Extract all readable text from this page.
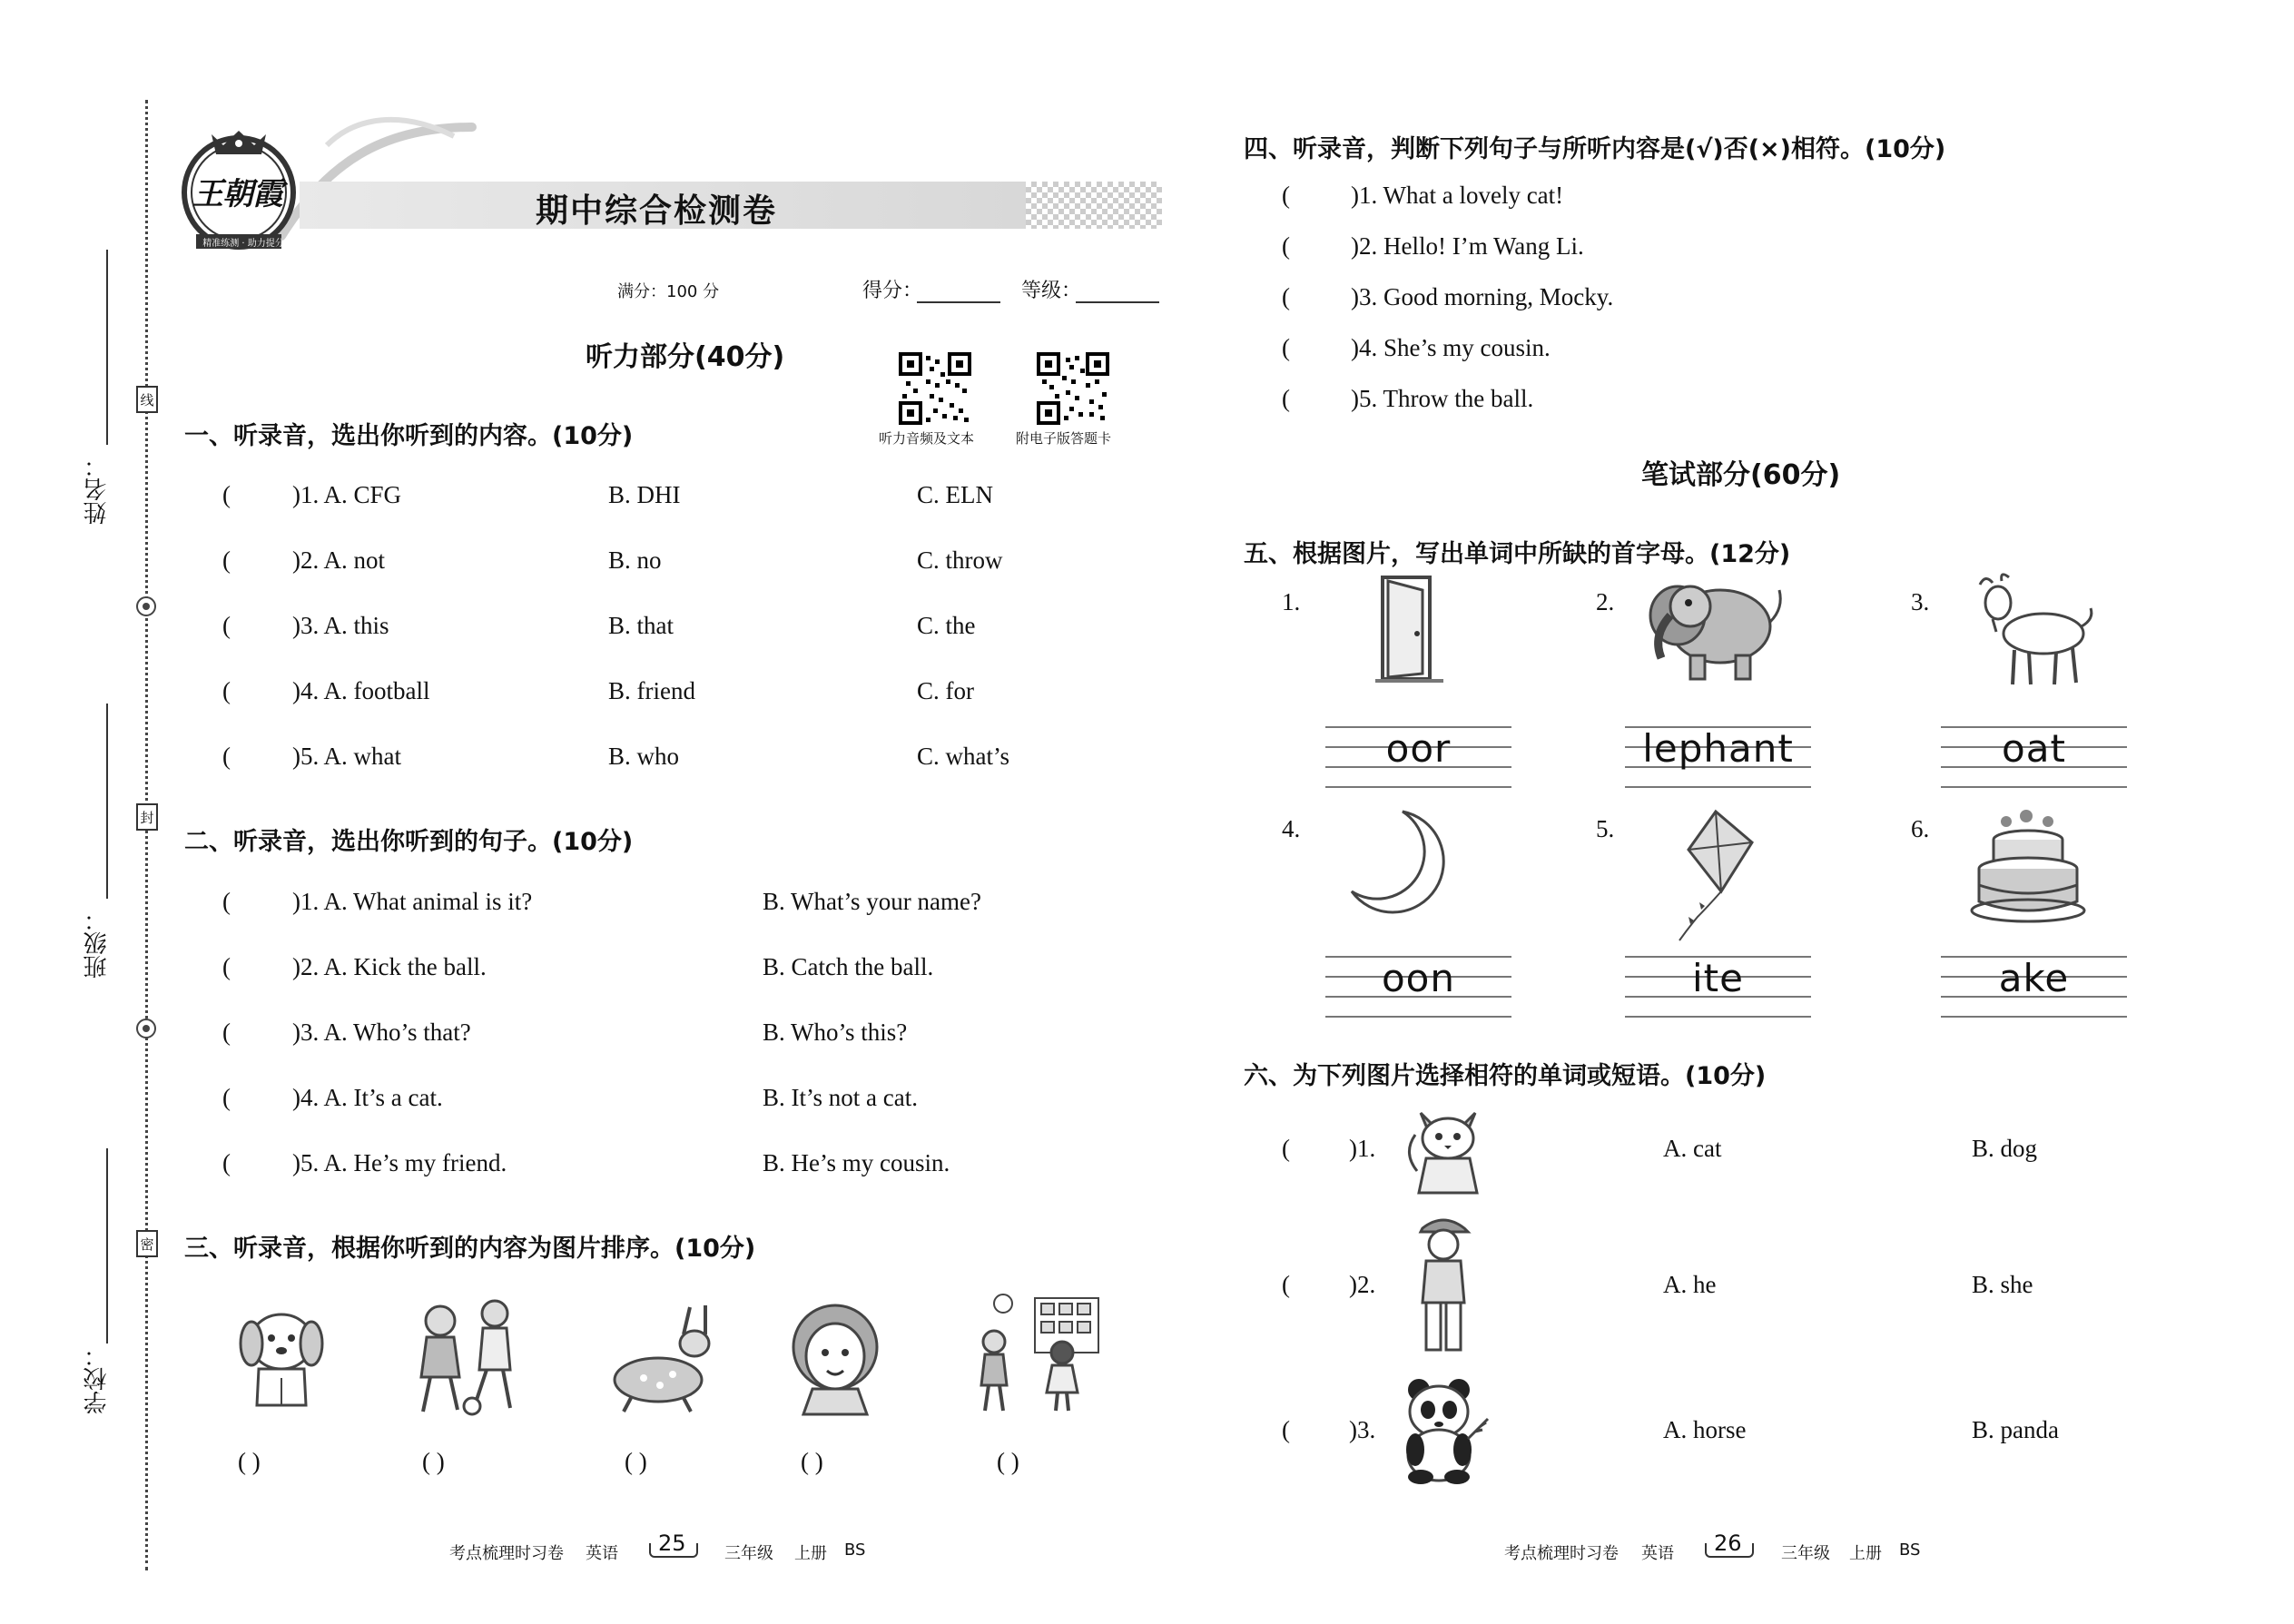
姓名：
班级：
学校：
线
封
密
期中综合检测卷
王朝霞
精准练测 · 助力提分
满分：100 分	得分：	等级：
听力音频及文本	附电子版答题卡
听力部分(40分)
一、听录音，选出你听到的内容。(10分)
(	)1. A. CFG	B. DHI	C. ELN
(	)2. A. not	B. no	C. throw
(	)3. A. this	B. that	C. the
(	)4. A. football	B. friend	C. for
(	)5. A. what	B. who	C. what’s
二、听录音，选出你听到的句子。(10分)
(	)1. A. What animal is it?	B. What’s your name?
(	)2. A. Kick the ball.	B. Catch the ball.
(	)3. A. Who’s that?	B. Who’s this?
(	)4. A. It’s a cat.	B. It’s not a cat.
(	)5. A. He’s my friend.	B. He’s my cousin.
三、听录音，根据你听到的内容为图片排序。(10分)
( )	( )	( )	( )	( )
考点梳理时习卷 英语 25 三年级 上册 BS
四、听录音，判断下列句子与所听内容是(√)否(×)相符。(10分)
( )1. What a lovely cat!
( )2. Hello! I’m Wang Li.
( )3. Good morning, Mocky.
( )4. She’s my cousin.
( )5. Throw the ball.
笔试部分(60分)
五、根据图片，写出单词中所缺的首字母。(12分)
1.	2.	3.
4.	5.	6.
oor	lephant	oat
oon	ite	ake
六、为下列图片选择相符的单词或短语。(10分)
( )1.	A. cat	B. dog
( )2.	A. he	B. she
( )3.	A. horse	B. panda
考点梳理时习卷 英语 26 三年级 上册 BS
